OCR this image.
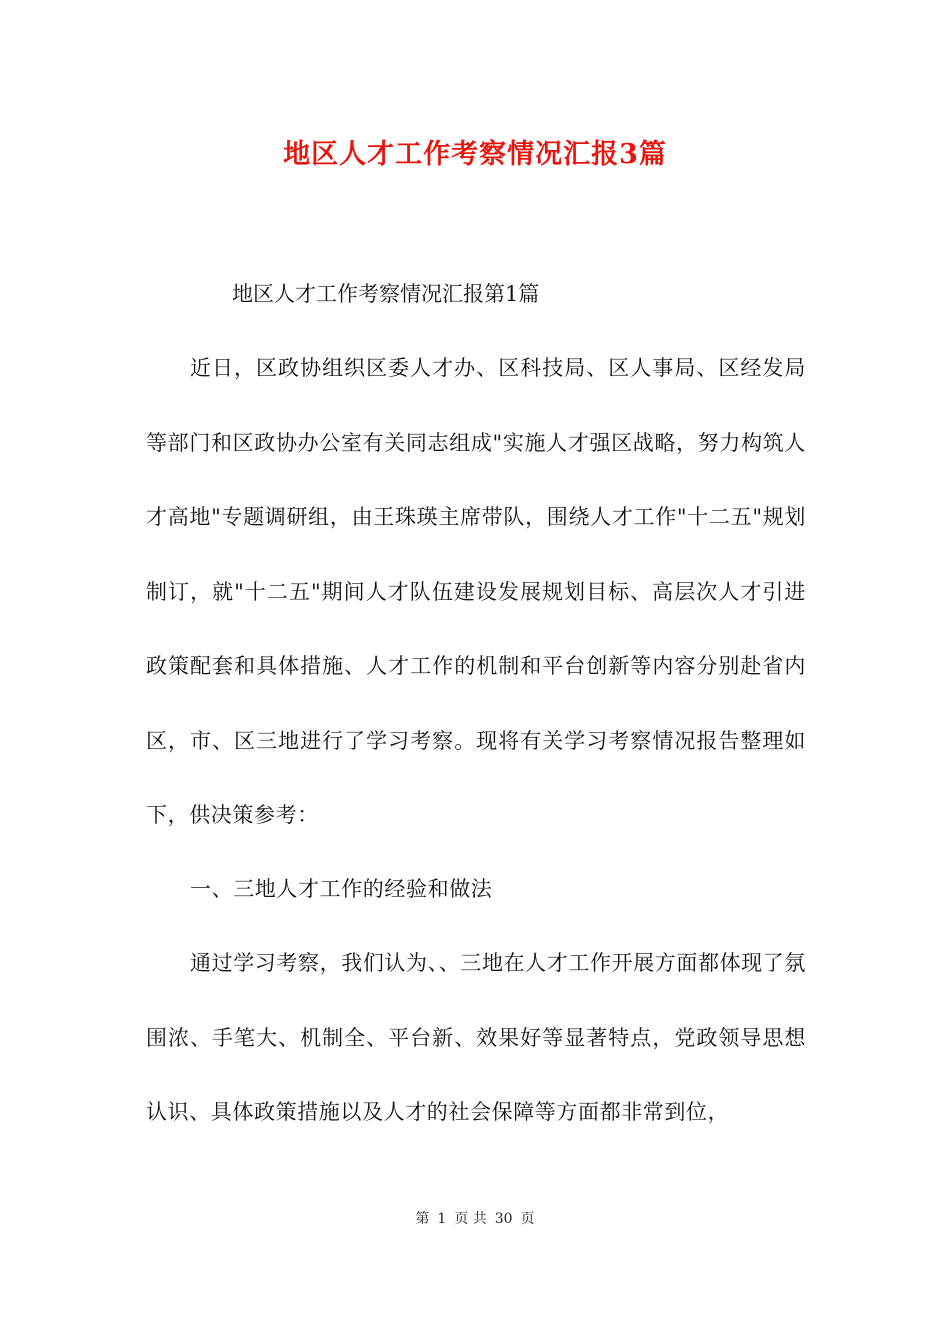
地区人才工作考察情况汇报3篇
地区人才工作考察情况汇报第1篇

近日，区政协组织区委人才办、区科技局、区人事局、区经发局等部门和区政协办公室有关同志组成"实施人才强区战略，努力构筑人才高地"专题调研组，由王珠瑛主席带队，围绕人才工作"十二五"规划制订，就"十二五"期间人才队伍建设发展规划目标、高层次人才引进政策配套和具体措施、人才工作的机制和平台创新等内容分别赴省内区，市、区三地进行了学习考察。现将有关学习考察情况报告整理如下，供决策参考：

一、三地人才工作的经验和做法

通过学习考察，我们认为、、三地在人才工作开展方面都体现了氛围浓、手笔大、机制全、平台新、效果好等显著特点，党政领导思想认识、具体政策措施以及人才的社会保障等方面都非常到位，

第 1 页 共 30 页
